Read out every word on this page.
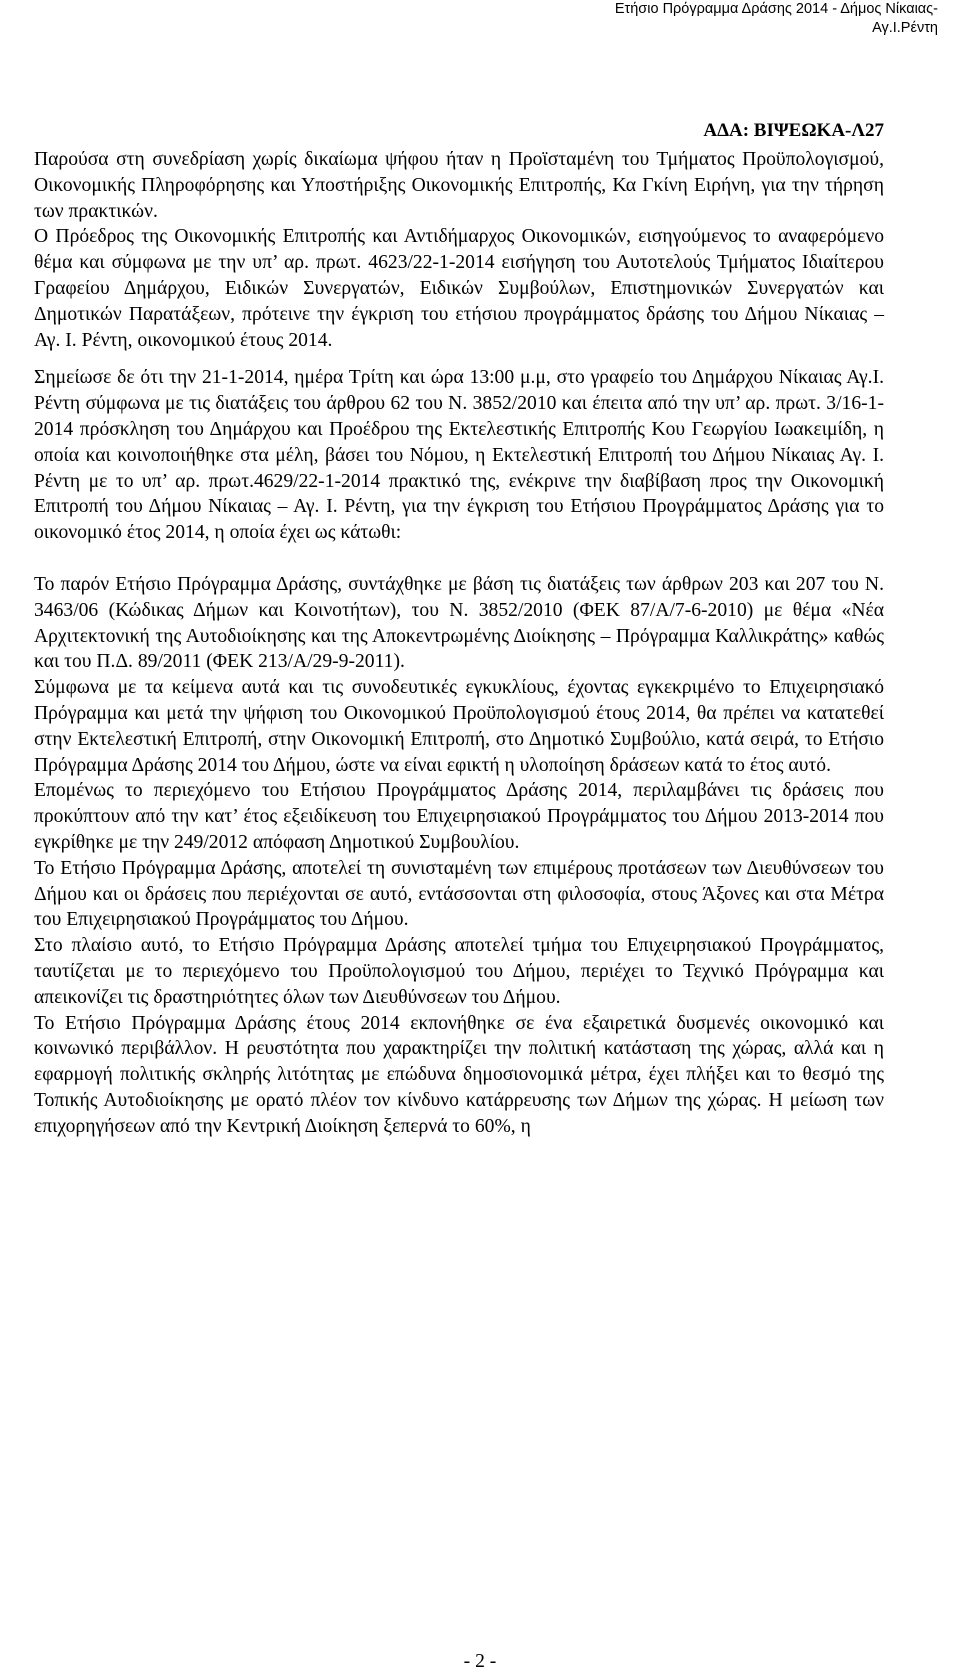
Ετήσιο Πρόγραμμα Δράσης 2014 - Δήμος Νίκαιας-
Αγ.Ι.Ρέντη
ΑΔΑ: ΒΙΨΕΩΚΑ-Λ27

Παρούσα στη συνεδρίαση χωρίς δικαίωμα ψήφου ήταν η Προϊσταμένη του Τμήματος Προϋπολογισμού, Οικονομικής Πληροφόρησης και Υποστήριξης Οικονομικής Επιτροπής, Κα Γκίνη Ειρήνη, για την τήρηση των πρακτικών.

Ο Πρόεδρος της Οικονομικής Επιτροπής και Αντιδήμαρχος Οικονομικών, εισηγούμενος το αναφερόμενο θέμα και σύμφωνα με την υπ’ αρ. πρωτ. 4623/22-1-2014 εισήγηση του Αυτοτελούς Τμήματος Ιδιαίτερου Γραφείου Δημάρχου, Ειδικών Συνεργατών, Ειδικών Συμβούλων, Επιστημονικών Συνεργατών και Δημοτικών Παρατάξεων, πρότεινε την έγκριση του ετήσιου προγράμματος δράσης του Δήμου Νίκαιας – Αγ. Ι. Ρέντη, οικονομικού έτους 2014.

Σημείωσε δε ότι την 21-1-2014, ημέρα Τρίτη και ώρα 13:00 μ.μ, στο γραφείο του Δημάρχου Νίκαιας Αγ.Ι. Ρέντη σύμφωνα με τις διατάξεις του άρθρου 62 του Ν. 3852/2010 και έπειτα από την υπ’ αρ. πρωτ. 3/16-1-2014 πρόσκληση του Δημάρχου και Προέδρου της Εκτελεστικής Επιτροπής Κου Γεωργίου Ιωακειμίδη, η οποία και κοινοποιήθηκε στα μέλη, βάσει του Νόμου, η Εκτελεστική Επιτροπή του Δήμου Νίκαιας Αγ. Ι. Ρέντη με το υπ’ αρ. πρωτ.4629/22-1-2014 πρακτικό της, ενέκρινε την διαβίβαση προς την Οικονομική Επιτροπή του Δήμου Νίκαιας – Αγ. Ι. Ρέντη, για την έγκριση του Ετήσιου Προγράμματος Δράσης για το οικονομικό έτος 2014, η οποία έχει ως κάτωθι:

Το παρόν Ετήσιο Πρόγραμμα Δράσης, συντάχθηκε με βάση τις διατάξεις των άρθρων 203 και 207 του Ν. 3463/06 (Κώδικας Δήμων και Κοινοτήτων), του Ν. 3852/2010 (ΦΕΚ 87/Α/7-6-2010) με θέμα «Νέα Αρχιτεκτονική της Αυτοδιοίκησης και της Αποκεντρωμένης Διοίκησης – Πρόγραμμα Καλλικράτης» καθώς και του Π.Δ. 89/2011 (ΦΕΚ 213/Α/29-9-2011).

Σύμφωνα με τα κείμενα αυτά και τις συνοδευτικές εγκυκλίους, έχοντας εγκεκριμένο το Επιχειρησιακό Πρόγραμμα και μετά την ψήφιση του Οικονομικού Προϋπολογισμού έτους 2014, θα πρέπει να κατατεθεί στην Εκτελεστική Επιτροπή, στην Οικονομική Επιτροπή, στο Δημοτικό Συμβούλιο, κατά σειρά, το Ετήσιο Πρόγραμμα Δράσης 2014 του Δήμου, ώστε να είναι εφικτή η υλοποίηση δράσεων κατά το έτος αυτό.

Επομένως το περιεχόμενο του Ετήσιου Προγράμματος Δράσης 2014, περιλαμβάνει τις δράσεις που προκύπτουν από την κατ’ έτος εξειδίκευση του Επιχειρησιακού Προγράμματος του Δήμου 2013-2014 που εγκρίθηκε με την 249/2012 απόφαση Δημοτικού Συμβουλίου.

Το Ετήσιο Πρόγραμμα Δράσης, αποτελεί τη συνισταμένη των επιμέρους προτάσεων των Διευθύνσεων του Δήμου και οι δράσεις που περιέχονται σε αυτό, εντάσσονται στη φιλοσοφία, στους Άξονες και στα Μέτρα του Επιχειρησιακού Προγράμματος του Δήμου.

Στο πλαίσιο αυτό, το Ετήσιο Πρόγραμμα Δράσης αποτελεί τμήμα του Επιχειρησιακού Προγράμματος, ταυτίζεται με το περιεχόμενο του Προϋπολογισμού του Δήμου, περιέχει το Τεχνικό Πρόγραμμα και απεικονίζει τις δραστηριότητες όλων των Διευθύνσεων του Δήμου.

Το Ετήσιο Πρόγραμμα Δράσης έτους 2014 εκπονήθηκε σε ένα εξαιρετικά δυσμενές οικονομικό και κοινωνικό περιβάλλον. Η ρευστότητα που χαρακτηρίζει την πολιτική κατάσταση της χώρας, αλλά και η εφαρμογή πολιτικής σκληρής λιτότητας με επώδυνα δημοσιονομικά μέτρα, έχει πλήξει και το θεσμό της Τοπικής Αυτοδιοίκησης με ορατό πλέον τον κίνδυνο κατάρρευσης των Δήμων της χώρας. Η μείωση των επιχορηγήσεων από την Κεντρική Διοίκηση ξεπερνά το 60%, η

- 2 -
